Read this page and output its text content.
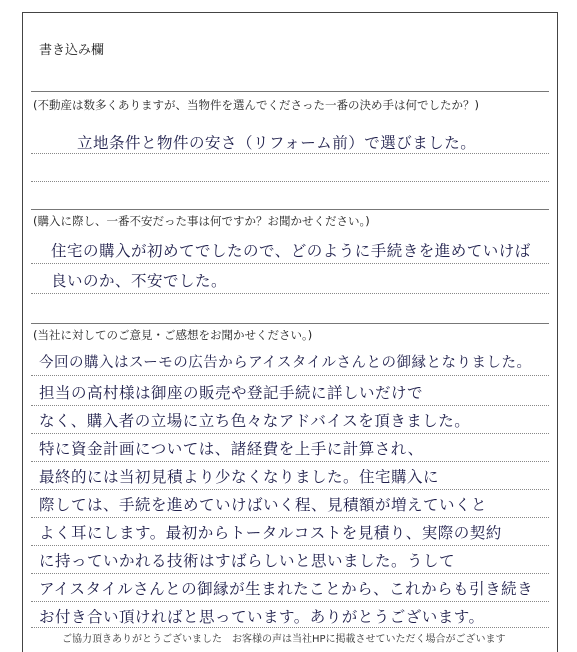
書き込み欄
(不動産は数多くありますが、当物件を選んでくださった一番の決め手は何でしたか？)
立地条件と物件の安さ（リフォーム前）で選びました。
(購入に際し、一番不安だった事は何ですか？お聞かせください。)
住宅の購入が初めてでしたので、どのように手続きを進めていけば
良いのか、不安でした。
(当社に対してのご意見・ご感想をお聞かせください。)
今回の購入はスーモの広告からアイスタイルさんとの御縁となりました。
担当の高村様は御座の販売や登記手続に詳しいだけで
なく、購入者の立場に立ち色々なアドバイスを頂きました。
特に資金計画については、諸経費を上手に計算され、
最終的には当初見積より少なくなりました。住宅購入に
際しては、手続を進めていけばいく程、見積額が増えていくと
よく耳にします。最初からトータルコストを見積り、実際の契約
に持っていかれる技術はすばらしいと思いました。うして
アイスタイルさんとの御縁が生まれたことから、これからも引き続き
お付き合い頂ければと思っています。ありがとうございます。
ご協力頂きありがとうございました　お客様の声は当社HPに掲載させていただく場合がございます
